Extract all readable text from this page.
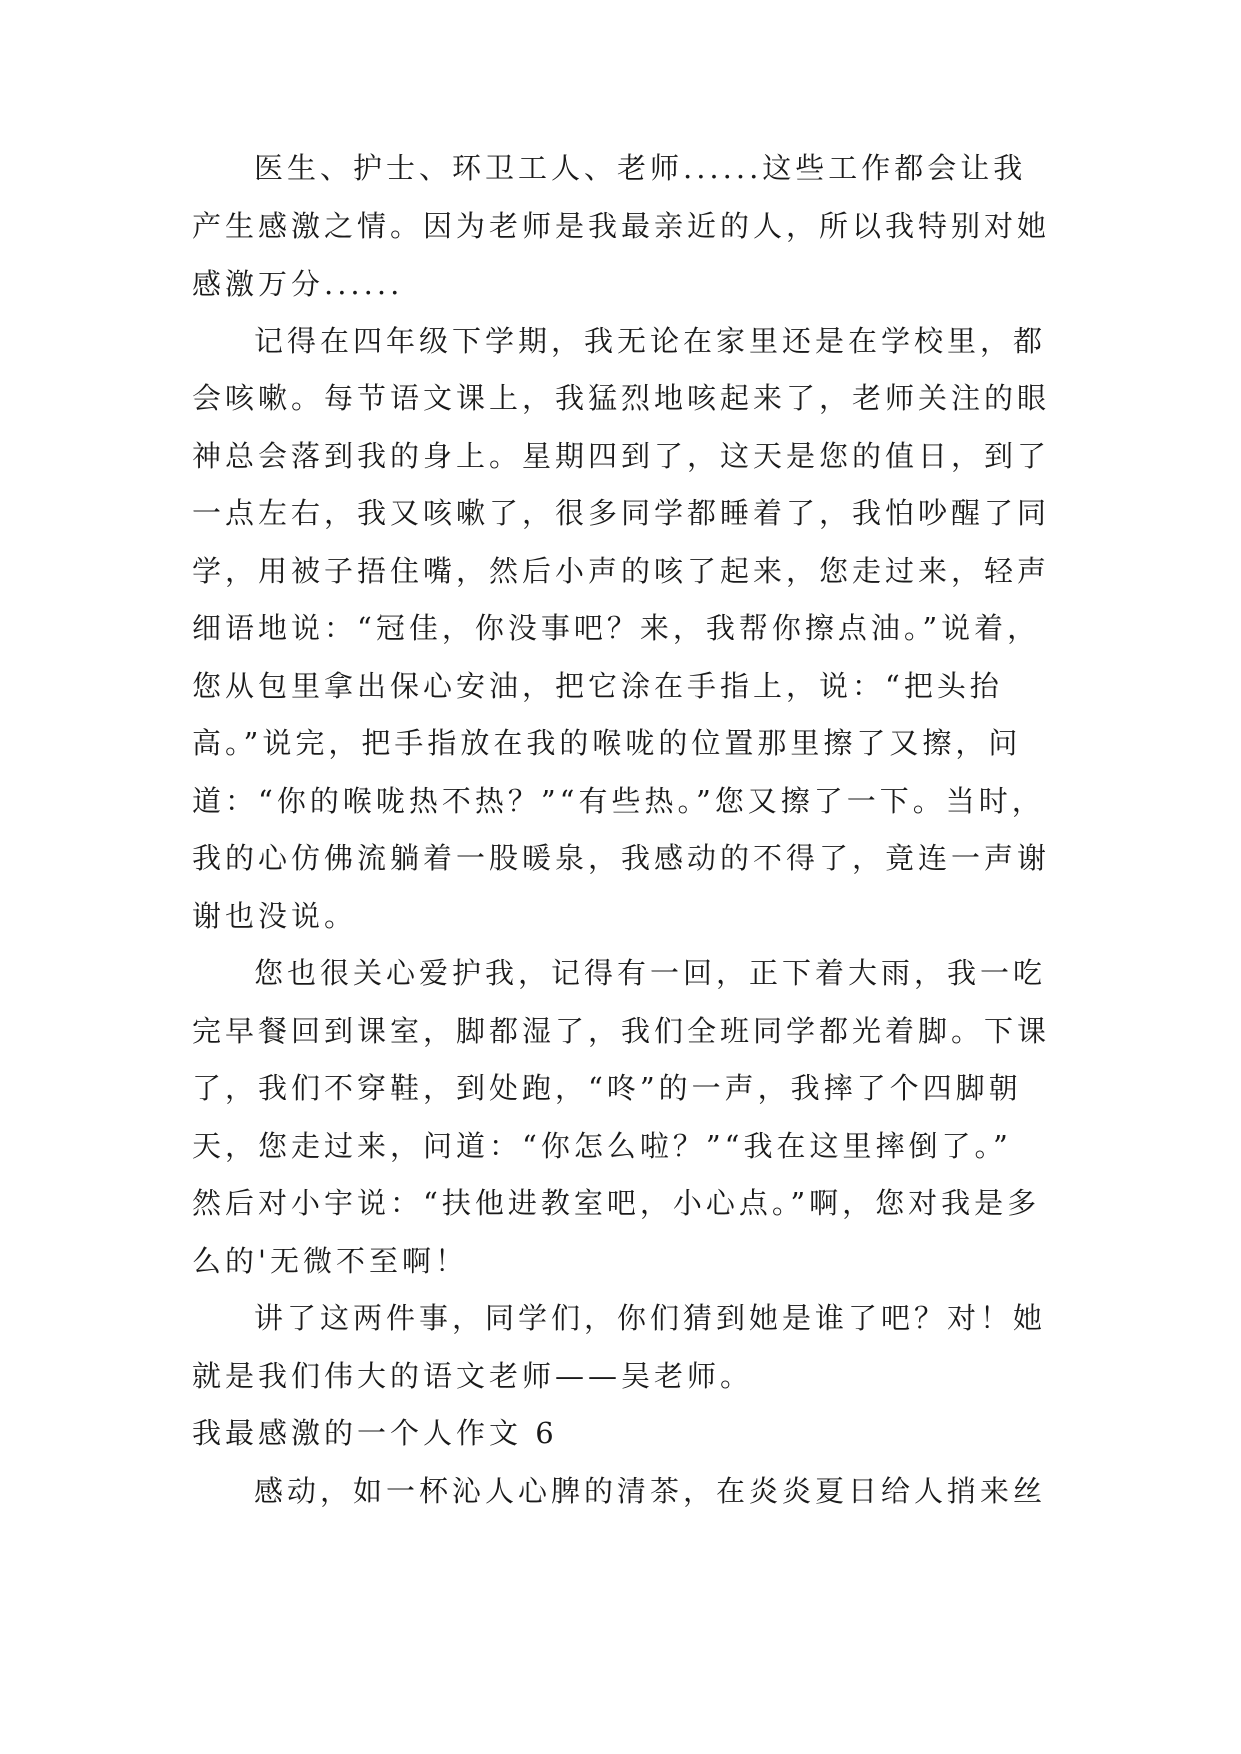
医生、护士、环卫工人、老师......这些工作都会让我
产生感激之情。因为老师是我最亲近的人，所以我特别对她
感激万分......
记得在四年级下学期，我无论在家里还是在学校里，都
会咳嗽。每节语文课上，我猛烈地咳起来了，老师关注的眼
神总会落到我的身上。星期四到了，这天是您的值日，到了
一点左右，我又咳嗽了，很多同学都睡着了，我怕吵醒了同
学，用被子捂住嘴，然后小声的咳了起来，您走过来，轻声
细语地说：“冠佳，你没事吧？来，我帮你擦点油。”说着，
您从包里拿出保心安油，把它涂在手指上，说：“把头抬
高。”说完，把手指放在我的喉咙的位置那里擦了又擦，问
道：“你的喉咙热不热？”“有些热。”您又擦了一下。当时，
我的心仿佛流躺着一股暖泉，我感动的不得了，竟连一声谢
谢也没说。
您也很关心爱护我，记得有一回，正下着大雨，我一吃
完早餐回到课室，脚都湿了，我们全班同学都光着脚。下课
了，我们不穿鞋，到处跑，“咚”的一声，我摔了个四脚朝
天，您走过来，问道：“你怎么啦？”“我在这里摔倒了。”
然后对小宇说：“扶他进教室吧，小心点。”啊，您对我是多
么的'无微不至啊！
讲了这两件事，同学们，你们猜到她是谁了吧？对！她
就是我们伟大的语文老师——吴老师。
我最感激的一个人作文 6
感动，如一杯沁人心脾的清茶，在炎炎夏日给人捎来丝
